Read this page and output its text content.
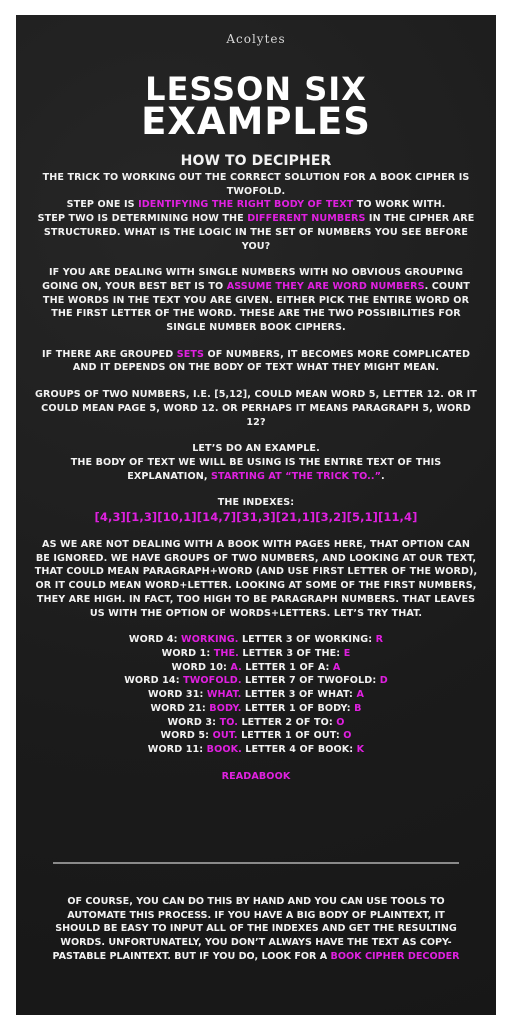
Acolytes
LESSON SIX
EXAMPLES

HOW TO DECIPHER

THE TRICK TO WORKING OUT THE CORRECT SOLUTION FOR A BOOK CIPHER IS TWOFOLD.
STEP ONE IS IDENTIFYING THE RIGHT BODY OF TEXT TO WORK WITH.
STEP TWO IS DETERMINING HOW THE DIFFERENT NUMBERS IN THE CIPHER ARE STRUCTURED. WHAT IS THE LOGIC IN THE SET OF NUMBERS YOU SEE BEFORE YOU?

IF YOU ARE DEALING WITH SINGLE NUMBERS WITH NO OBVIOUS GROUPING GOING ON, YOUR BEST BET IS TO ASSUME THEY ARE WORD NUMBERS. COUNT THE WORDS IN THE TEXT YOU ARE GIVEN. EITHER PICK THE ENTIRE WORD OR THE FIRST LETTER OF THE WORD. THESE ARE THE TWO POSSIBILITIES FOR SINGLE NUMBER BOOK CIPHERS.

IF THERE ARE GROUPED SETS OF NUMBERS, IT BECOMES MORE COMPLICATED AND IT DEPENDS ON THE BODY OF TEXT WHAT THEY MIGHT MEAN.

GROUPS OF TWO NUMBERS, I.E. [5,12], COULD MEAN WORD 5, LETTER 12. OR IT COULD MEAN PAGE 5, WORD 12. OR PERHAPS IT MEANS PARAGRAPH 5, WORD 12?

LET’S DO AN EXAMPLE.
THE BODY OF TEXT WE WILL BE USING IS THE ENTIRE TEXT OF THIS EXPLANATION, STARTING AT “THE TRICK TO..”.

THE INDEXES:

[4,3][1,3][10,1][14,7][31,3][21,1][3,2][5,1][11,4]

AS WE ARE NOT DEALING WITH A BOOK WITH PAGES HERE, THAT OPTION CAN BE IGNORED. WE HAVE GROUPS OF TWO NUMBERS, AND LOOKING AT OUR TEXT, THAT COULD MEAN PARAGRAPH+WORD (AND USE FIRST LETTER OF THE WORD), OR IT COULD MEAN WORD+LETTER. LOOKING AT SOME OF THE FIRST NUMBERS, THEY ARE HIGH. IN FACT, TOO HIGH TO BE PARAGRAPH NUMBERS. THAT LEAVES US WITH THE OPTION OF WORDS+LETTERS. LET’S TRY THAT.

WORD 4: WORKING. LETTER 3 OF WORKING: R

WORD 1: THE. LETTER 3 OF THE: E

WORD 10: A. LETTER 1 OF A: A

WORD 14: TWOFOLD. LETTER 7 OF TWOFOLD: D

WORD 31: WHAT. LETTER 3 OF WHAT: A

WORD 21: BODY. LETTER 1 OF BODY: B

WORD 3: TO. LETTER 2 OF TO: O

WORD 5: OUT. LETTER 1 OF OUT: O

WORD 11: BOOK. LETTER 4 OF BOOK: K

READABOOK

OF COURSE, YOU CAN DO THIS BY HAND AND YOU CAN USE TOOLS TO AUTOMATE THIS PROCESS. IF YOU HAVE A BIG BODY OF PLAINTEXT, IT SHOULD BE EASY TO INPUT ALL OF THE INDEXES AND GET THE RESULTING WORDS. UNFORTUNATELY, YOU DON’T ALWAYS HAVE THE TEXT AS COPY-PASTABLE PLAINTEXT. BUT IF YOU DO, LOOK FOR A BOOK CIPHER DECODER
